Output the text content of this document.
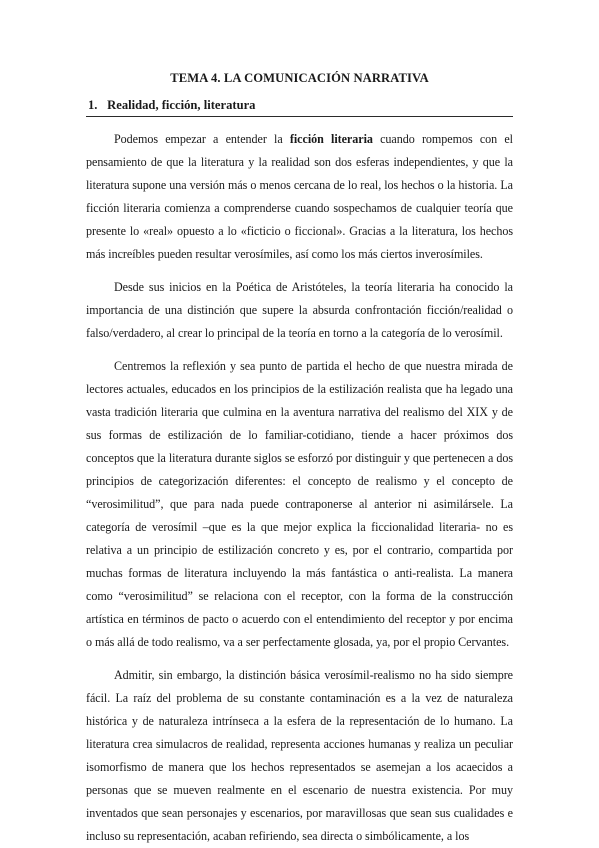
TEMA 4. LA COMUNICACIÓN NARRATIVA
1. Realidad, ficción, literatura

Podemos empezar a entender la ficción literaria cuando rompemos con el pensamiento de que la literatura y la realidad son dos esferas independientes, y que la literatura supone una versión más o menos cercana de lo real, los hechos o la historia. La ficción literaria comienza a comprenderse cuando sospechamos de cualquier teoría que presente lo «real» opuesto a lo «ficticio o ficcional». Gracias a la literatura, los hechos más increíbles pueden resultar verosímiles, así como los más ciertos inverosímiles.

Desde sus inicios en la Poética de Aristóteles, la teoría literaria ha conocido la importancia de una distinción que supere la absurda confrontación ficción/realidad o falso/verdadero, al crear lo principal de la teoría en torno a la categoría de lo verosímil.

Centremos la reflexión y sea punto de partida el hecho de que nuestra mirada de lectores actuales, educados en los principios de la estilización realista que ha legado una vasta tradición literaria que culmina en la aventura narrativa del realismo del XIX y de sus formas de estilización de lo familiar-cotidiano, tiende a hacer próximos dos conceptos que la literatura durante siglos se esforzó por distinguir y que pertenecen a dos principios de categorización diferentes: el concepto de realismo y el concepto de “verosimilitud”, que para nada puede contraponerse al anterior ni asimilársele. La categoría de verosímil –que es la que mejor explica la ficcionalidad literaria- no es relativa a un principio de estilización concreto y es, por el contrario, compartida por muchas formas de literatura incluyendo la más fantástica o anti-realista. La manera como “verosimilitud” se relaciona con el receptor, con la forma de la construcción artística en términos de pacto o acuerdo con el entendimiento del receptor y por encima o más allá de todo realismo, va a ser perfectamente glosada, ya, por el propio Cervantes.

Admitir, sin embargo, la distinción básica verosímil-realismo no ha sido siempre fácil. La raíz del problema de su constante contaminación es a la vez de naturaleza histórica y de naturaleza intrínseca a la esfera de la representación de lo humano. La literatura crea simulacros de realidad, representa acciones humanas y realiza un peculiar isomorfismo de manera que los hechos representados se asemejan a los acaecidos a personas que se mueven realmente en el escenario de nuestra existencia. Por muy inventados que sean personajes y escenarios, por maravillosas que sean sus cualidades e incluso su representación, acaban refiriendo, sea directa o simbólicamente, a los
